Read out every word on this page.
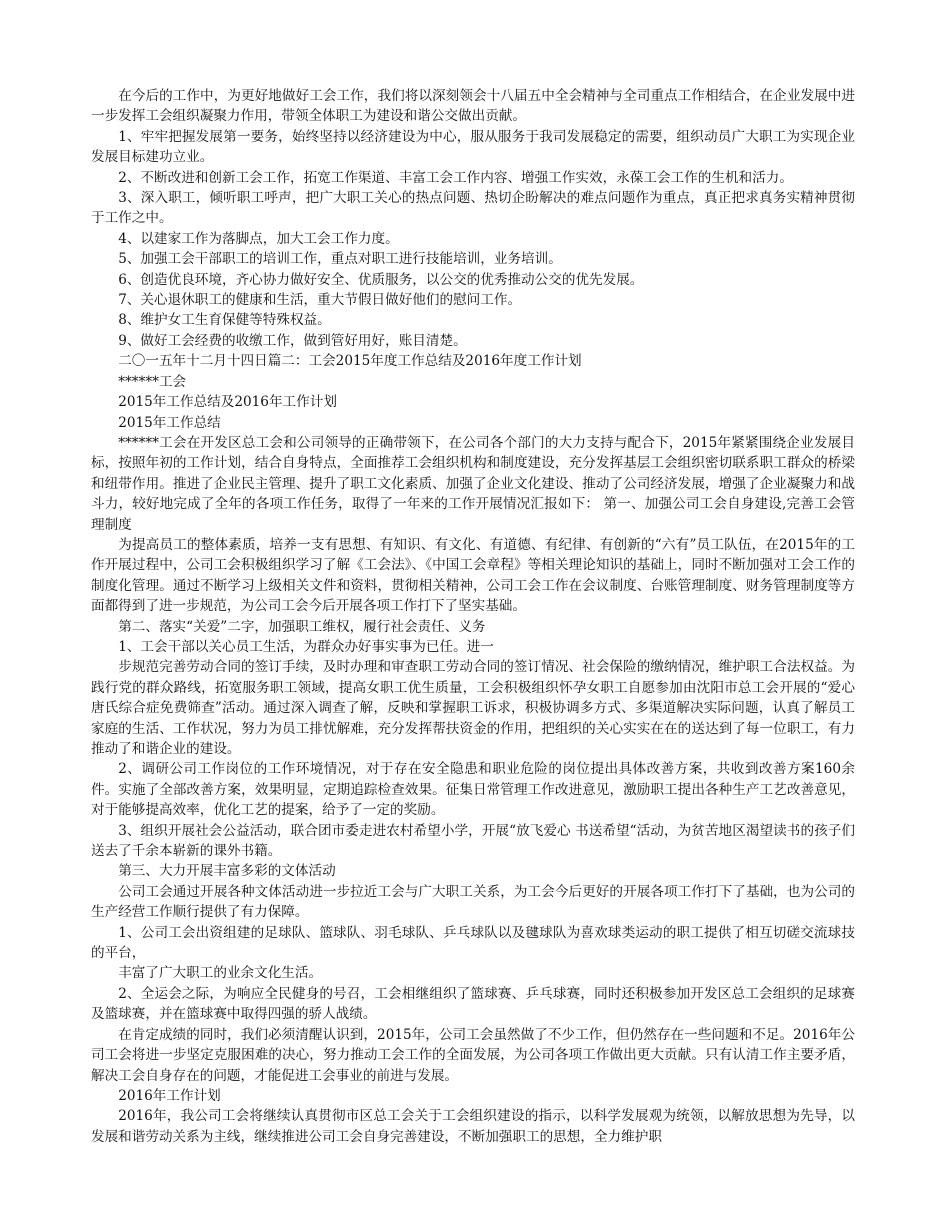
在今后的工作中，为更好地做好工会工作，我们将以深刻领会十八届五中全会精神与全司重点工作相结合，在企业发展中进一步发挥工会组织凝聚力作用，带领全体职工为建设和谐公交做出贡献。

1、牢牢把握发展第一要务，始终坚持以经济建设为中心，服从服务于我司发展稳定的需要，组织动员广大职工为实现企业发展目标建功立业。

2、不断改进和创新工会工作，拓宽工作渠道、丰富工会工作内容、增强工作实效，永葆工会工作的生机和活力。

3、深入职工，倾听职工呼声，把广大职工关心的热点问题、热切企盼解决的难点问题作为重点，真正把求真务实精神贯彻于工作之中。

4、以建家工作为落脚点，加大工会工作力度。

5、加强工会干部职工的培训工作，重点对职工进行技能培训，业务培训。

6、创造优良环境，齐心协力做好安全、优质服务，以公交的优秀推动公交的优先发展。

7、关心退休职工的健康和生活，重大节假日做好他们的慰问工作。

8、维护女工生育保健等特殊权益。

9、做好工会经费的收缴工作，做到管好用好，账目清楚。

二〇一五年十二月十四日篇二：工会2015年度工作总结及2016年度工作计划

******工会

2015年工作总结及2016年工作计划

2015年工作总结

******工会在开发区总工会和公司领导的正确带领下，在公司各个部门的大力支持与配合下，2015年紧紧围绕企业发展目标，按照年初的工作计划，结合自身特点，全面推荐工会组织机构和制度建设，充分发挥基层工会组织密切联系职工群众的桥梁和纽带作用。推进了企业民主管理、提升了职工文化素质、加强了企业文化建设、推动了公司经济发展，增强了企业凝聚力和战斗力，较好地完成了全年的各项工作任务，取得了一年来的工作开展情况汇报如下： 第一、加强公司工会自身建设,完善工会管理制度

为提高员工的整体素质，培养一支有思想、有知识、有文化、有道德、有纪律、有创新的“六有”员工队伍，在2015年的工作开展过程中，公司工会积极组织学习了解《工会法》、《中国工会章程》等相关理论知识的基础上，同时不断加强对工会工作的制度化管理。通过不断学习上级相关文件和资料，贯彻相关精神，公司工会工作在会议制度、台账管理制度、财务管理制度等方面都得到了进一步规范，为公司工会今后开展各项工作打下了坚实基础。

第二、落实“关爱”二字，加强职工维权，履行社会责任、义务

1、工会干部以关心员工生活，为群众办好事实事为已任。进一

步规范完善劳动合同的签订手续，及时办理和审查职工劳动合同的签订情况、社会保险的缴纳情况，维护职工合法权益。为践行党的群众路线，拓宽服务职工领域，提高女职工优生质量，工会积极组织怀孕女职工自愿参加由沈阳市总工会开展的“爱心唐氏综合症免费筛查”活动。通过深入调查了解，反映和掌握职工诉求，积极协调多方式、多渠道解决实际问题，认真了解员工家庭的生活、工作状况，努力为员工排忧解难，充分发挥帮扶资金的作用，把组织的关心实实在在的送达到了每一位职工，有力推动了和谐企业的建设。

2、调研公司工作岗位的工作环境情况，对于存在安全隐患和职业危险的岗位提出具体改善方案，共收到改善方案160余件。实施了全部改善方案，效果明显，定期追踪检查效果。征集日常管理工作改进意见，激励职工提出各种生产工艺改善意见，对于能够提高效率，优化工艺的提案，给予了一定的奖励。

3、组织开展社会公益活动，联合团市委走进农村希望小学，开展“放飞爱心 书送希望“活动，为贫苦地区渴望读书的孩子们送去了千余本崭新的课外书籍。

第三、大力开展丰富多彩的文体活动

公司工会通过开展各种文体活动进一步拉近工会与广大职工关系，为工会今后更好的开展各项工作打下了基础，也为公司的生产经营工作顺行提供了有力保障。

1、公司工会出资组建的足球队、篮球队、羽毛球队、乒乓球队以及毽球队为喜欢球类运动的职工提供了相互切磋交流球技的平台，

丰富了广大职工的业余文化生活。

2、全运会之际，为响应全民健身的号召，工会相继组织了篮球赛、乒乓球赛，同时还积极参加开发区总工会组织的足球赛及篮球赛，并在篮球赛中取得四强的骄人战绩。

在肯定成绩的同时，我们必须清醒认识到，2015年，公司工会虽然做了不少工作，但仍然存在一些问题和不足。2016年公司工会将进一步坚定克服困难的决心，努力推动工会工作的全面发展，为公司各项工作做出更大贡献。只有认清工作主要矛盾，解决工会自身存在的问题，才能促进工会事业的前进与发展。

2016年工作计划

2016年，我公司工会将继续认真贯彻市区总工会关于工会组织建设的指示，以科学发展观为统领，以解放思想为先导，以发展和谐劳动关系为主线，继续推进公司工会自身完善建设，不断加强职工的思想，全力维护职
